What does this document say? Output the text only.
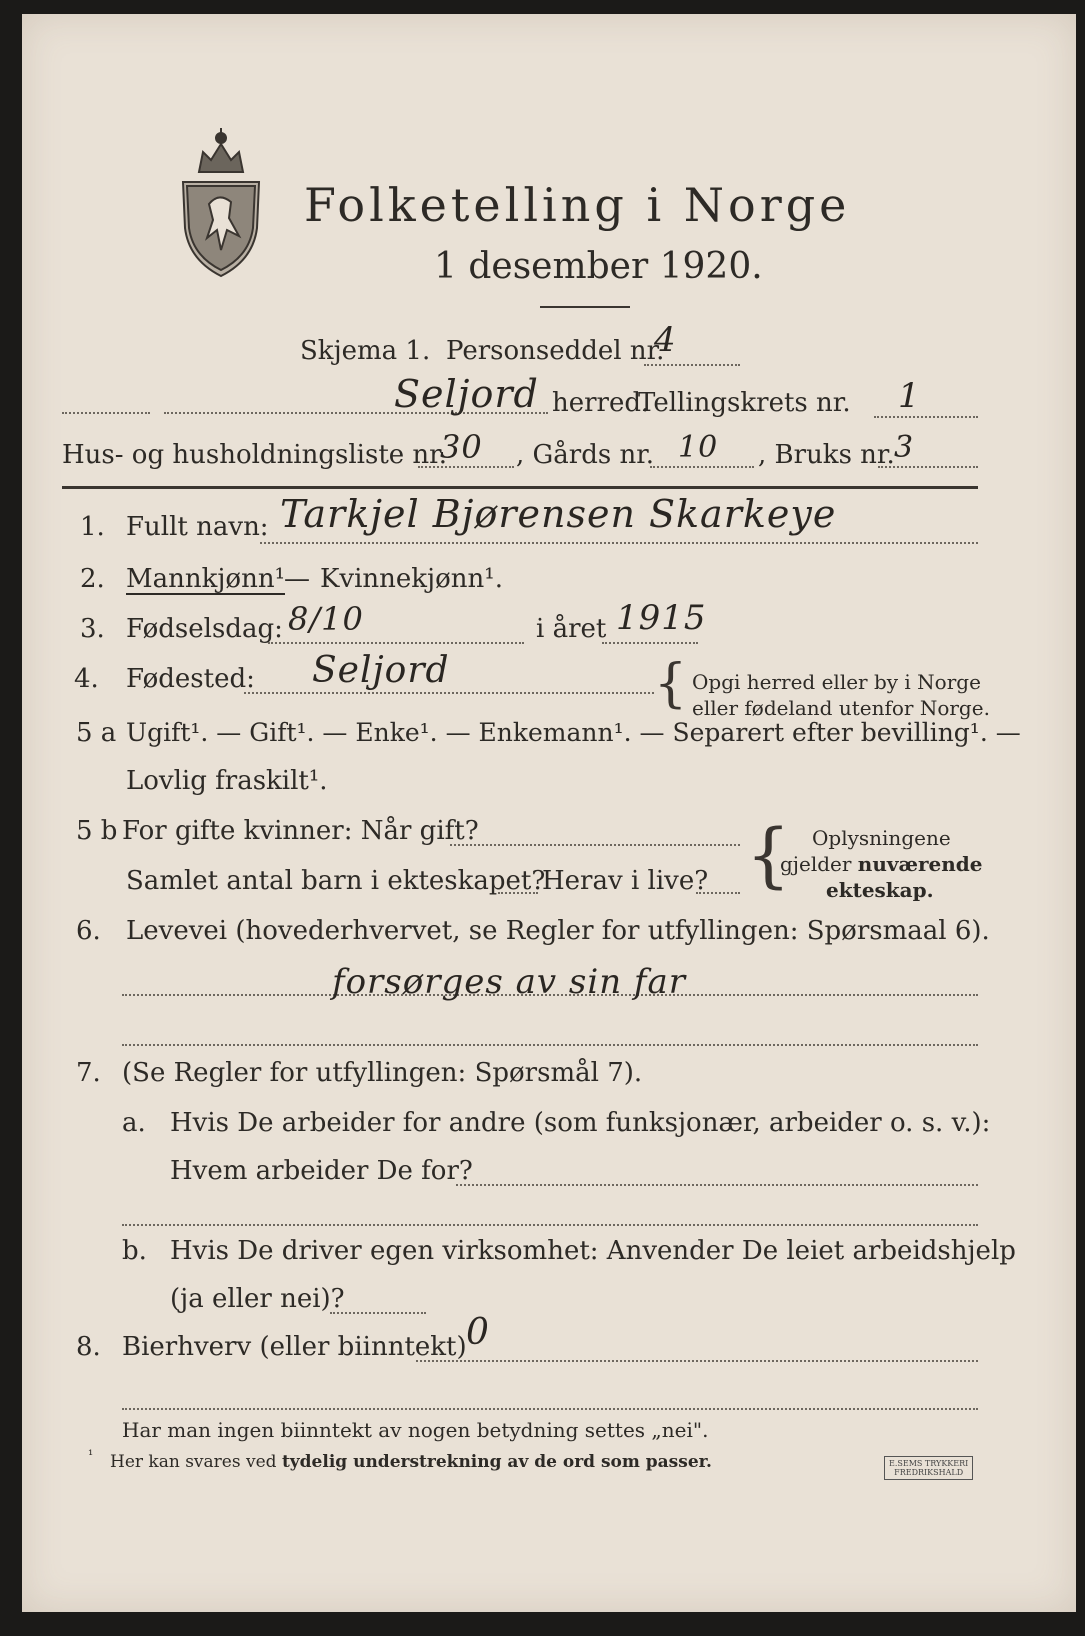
Folketelling i Norge
1 desember 1920.
Skjema 1. Personseddel nr.
4
Seljord herred.
Tellingskrets nr. 1
Hus- og husholdningsliste nr.
30 , Gårds nr. 10 , Bruks nr. 3
1. Fullt navn: Tarkjel Bjørensen Skarkeye
2. Mannkjønn¹ — Kvinnekjønn¹.
3. Fødselsdag: 8/10	i året 1915
4. Fødested: Seljord	{ Opgi herred eller by i Norge
eller fødeland utenfor Norge.
5 a Ugift¹. — Gift¹. — Enke¹. — Enkemann¹. — Separert efter bevilling¹. —
Lovlig fraskilt¹.
5 b For gifte kvinner: Når gift?
Samlet antal barn i ekteskapet?
Herav i live? { Oplysningene
gjelder nuværende
ekteskap.
6. Levevei (hovederhvervet, se Regler for utfyllingen: Spørsmaal 6).
forsørges av sin far
7. (Se Regler for utfyllingen: Spørsmål 7).
a. Hvis De arbeider for andre (som funksjonær, arbeider o. s. v.):
Hvem arbeider De for?
b. Hvis De driver egen virksomhet: Anvender De leiet arbeidshjelp
(ja eller nei)?
8. Bierhverv (eller biinntekt) 0
Har man ingen biinntekt av nogen betydning settes „nei".
¹ Her kan svares ved tydelig understrekning av de ord som passer.	E.SEMS TRYKKERI
FREDRIKSHALD
